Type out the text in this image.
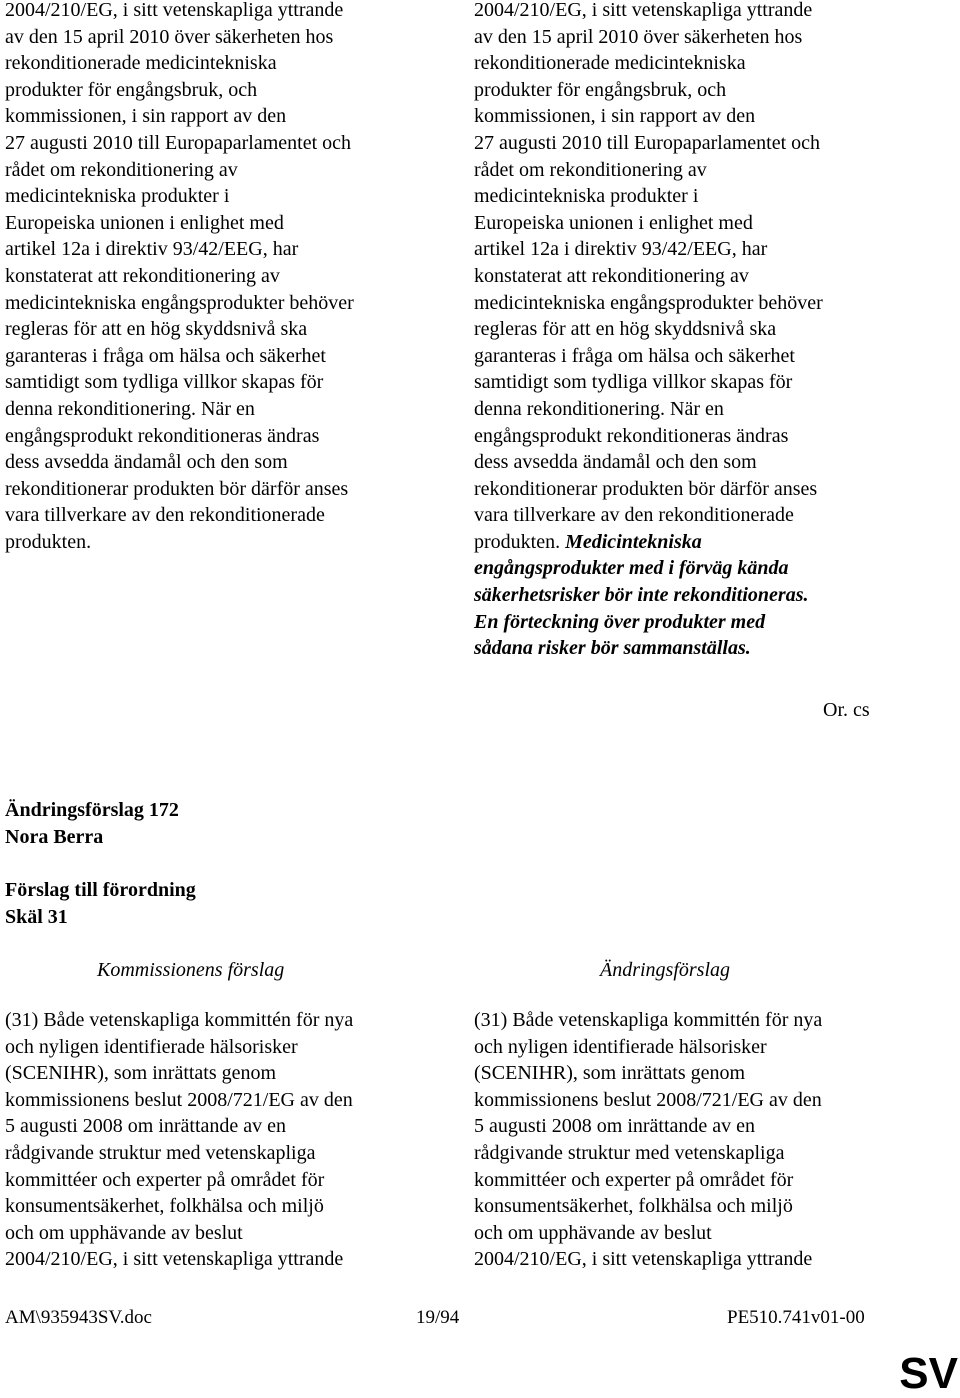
2004/210/EG, i sitt vetenskapliga yttrande
av den 15 april 2010 över säkerheten hos
rekonditionerade medicintekniska
produkter för engångsbruk, och
kommissionen, i sin rapport av den
27 augusti 2010 till Europaparlamentet och
rådet om rekonditionering av
medicintekniska produkter i
Europeiska unionen i enlighet med
artikel 12a i direktiv 93/42/EEG, har
konstaterat att rekonditionering av
medicintekniska engångsprodukter behöver
regleras för att en hög skyddsnivå ska
garanteras i fråga om hälsa och säkerhet
samtidigt som tydliga villkor skapas för
denna rekonditionering. När en
engångsprodukt rekonditioneras ändras
dess avsedda ändamål och den som
rekonditionerar produkten bör därför anses
vara tillverkare av den rekonditionerade
produkten.

2004/210/EG, i sitt vetenskapliga yttrande
av den 15 april 2010 över säkerheten hos
rekonditionerade medicintekniska
produkter för engångsbruk, och
kommissionen, i sin rapport av den
27 augusti 2010 till Europaparlamentet och
rådet om rekonditionering av
medicintekniska produkter i
Europeiska unionen i enlighet med
artikel 12a i direktiv 93/42/EEG, har
konstaterat att rekonditionering av
medicintekniska engångsprodukter behöver
regleras för att en hög skyddsnivå ska
garanteras i fråga om hälsa och säkerhet
samtidigt som tydliga villkor skapas för
denna rekonditionering. När en
engångsprodukt rekonditioneras ändras
dess avsedda ändamål och den som
rekonditionerar produkten bör därför anses
vara tillverkare av den rekonditionerade
produkten. Medicintekniska
engångsprodukter med i förväg kända
säkerhetsrisker bör inte rekonditioneras.
En förteckning över produkter med
sådana risker bör sammanställas.

Or. cs

Ändringsförslag 172
Nora Berra

Förslag till förordning
Skäl 31

Kommissionens förslag	Ändringsförslag

(31) Både vetenskapliga kommittén för nya
och nyligen identifierade hälsorisker
(SCENIHR), som inrättats genom
kommissionens beslut 2008/721/EG av den
5 augusti 2008 om inrättande av en
rådgivande struktur med vetenskapliga
kommittéer och experter på området för
konsumentsäkerhet, folkhälsa och miljö
och om upphävande av beslut
2004/210/EG, i sitt vetenskapliga yttrande

(31) Både vetenskapliga kommittén för nya
och nyligen identifierade hälsorisker
(SCENIHR), som inrättats genom
kommissionens beslut 2008/721/EG av den
5 augusti 2008 om inrättande av en
rådgivande struktur med vetenskapliga
kommittéer och experter på området för
konsumentsäkerhet, folkhälsa och miljö
och om upphävande av beslut
2004/210/EG, i sitt vetenskapliga yttrande

AM\935943SV.doc	19/94	PE510.741v01-00
SV
